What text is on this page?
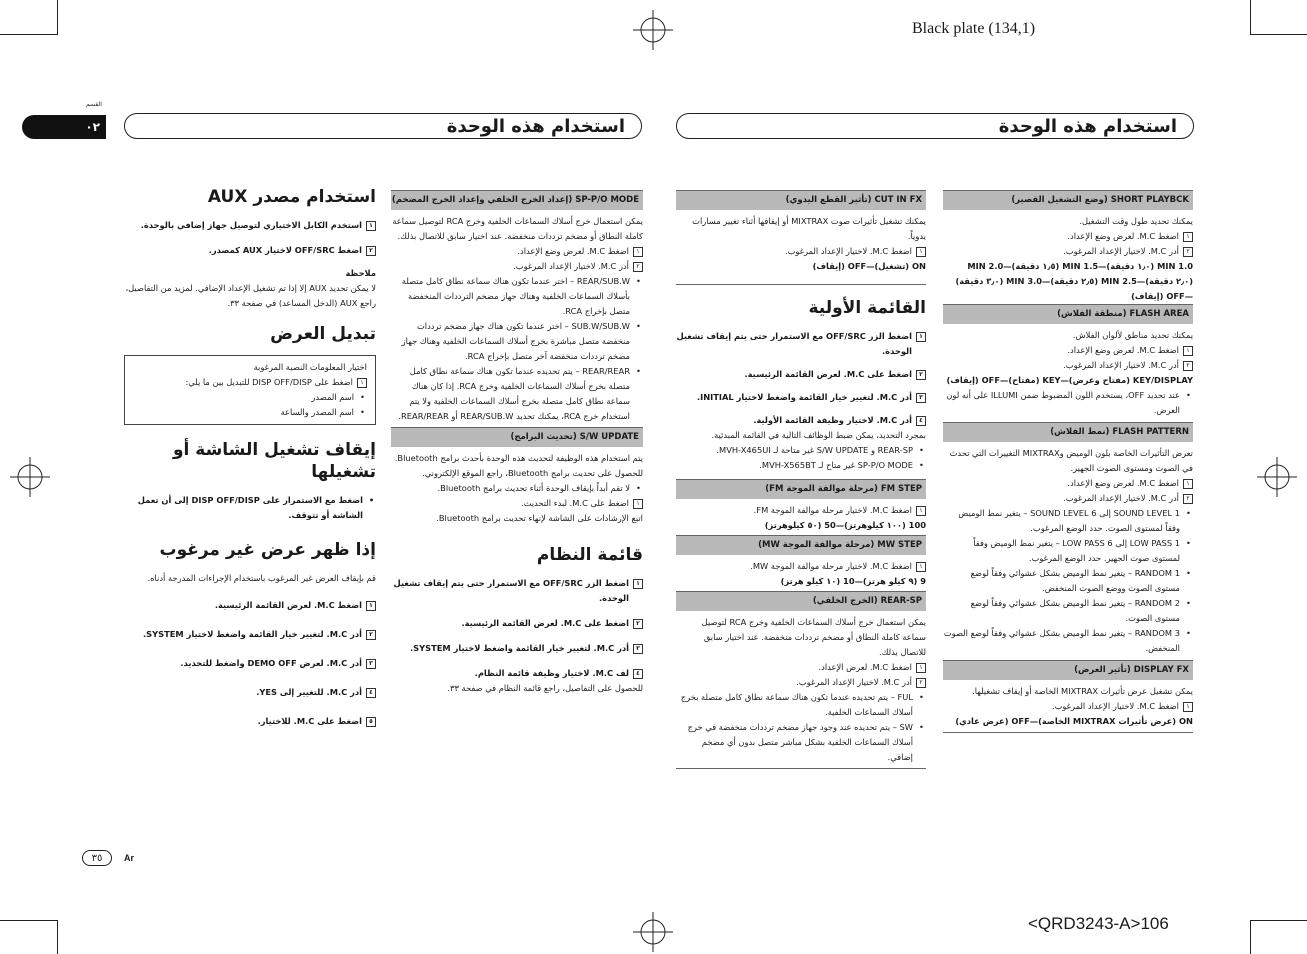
Black plate (134,1)
القسم
٠٢	استخدام هذه الوحدة	استخدام هذه الوحدة
استخدام مصدر AUX
١
استخدم الكابل الاختياري لتوصيل جهاز إضافي بالوحدة.
٢
اضغط OFF/SRC لاختيار AUX كمصدر.
ملاحظة
لا يمكن تحديد AUX إلا إذا تم تشغيل الإعداد الإضافي. لمزيد من التفاصيل، راجع AUX (الدخل المساعد) في صفحة ٣٣.
تبديل العرض
اختيار المعلومات النصية المرغوبة
١
اضغط على DISP OFF/DISP للتبديل بين ما يلي:
• اسم المصدر
• اسم المصدر والساعة
إيقاف تشغيل الشاشة أو تشغيلها
• اضغط مع الاستمرار على DISP OFF/DISP إلى أن تعمل الشاشة أو تتوقف.
إذا ظهر عرض غير مرغوب
قم بإيقاف العرض غير المرغوب باستخدام الإجراءات المدرجة أدناه.
١
اضغط M.C. لعرض القائمة الرئيسية.
٢
أدر M.C. لتغيير خيار القائمة واضغط لاختيار SYSTEM.
٣
أدر M.C. لعرض DEMO OFF واضغط للتحديد.
٤
أدر M.C. للتغيير إلى YES.
٥
اضغط على M.C. للاختيار.
SP-P/O MODE (إعداد الخرج الخلفي وإعداد الخرج المضخم)
يمكن استعمال خرج أسلاك السماعات الخلفية وخرج RCA لتوصيل سماعة كاملة النطاق أو مضخم ترددات منخفضة. عند اختيار سابق للاتصال بذلك.
١
اضغط M.C. لعرض وضع الإعداد.
٢
أدر M.C. لاختيار الإعداد المرغوب.
• REAR/SUB.W – اختر عندما تكون هناك سماعة نطاق كامل متصلة بأسلاك السماعات الخلفية وهناك جهاز مضخم الترددات المنخفضة متصل بإخراج RCA.
• SUB.W/SUB.W – اختر عندما تكون هناك جهاز مضخم ترددات منخفضة متصل مباشرة بخرج أسلاك السماعات الخلفية وهناك جهاز مضخم ترددات منخفضة آخر متصل بإخراج RCA.
• REAR/REAR – يتم تحديده عندما تكون هناك سماعة نطاق كامل متصلة بخرج أسلاك السماعات الخلفية وخرج RCA. إذا كان هناك سماعة نطاق كامل متصلة بخرج أسلاك السماعات الخلفية ولا يتم استخدام خرج RCA، يمكنك تحديد REAR/SUB.W أو REAR/REAR.
S/W UPDATE (تحديث البرامج)
يتم استخدام هذه الوظيفة لتحديث هذه الوحدة بأحدث برامج Bluetooth. للحصول على تحديث برامج Bluetooth، راجع الموقع الإلكتروني.
• لا تقم أبداً بإيقاف الوحدة أثناء تحديث برامج Bluetooth.
١
اضغط على M.C. لبدء التحديث.
اتبع الإرشادات على الشاشة لإنهاء تحديث برامج Bluetooth.
قائمة النظام
١
اضغط الزر OFF/SRC مع الاستمرار حتى يتم إيقاف تشغيل الوحدة.
٢
اضغط على M.C. لعرض القائمة الرئيسية.
٣
أدر M.C. لتغيير خيار القائمة واضغط لاختيار SYSTEM.
٤
لف M.C. لاختيار وظيفة قائمة النظام.
للحصول على التفاصيل، راجع قائمة النظام في صفحة ٣٣.
CUT IN FX (تأثير القطع اليدوي)
يمكنك تشغيل تأثيرات صوت MIXTRAX أو إيقافها أثناء تغيير مسارات يدوياً.
١
اضغط M.C. لاختيار الإعداد المرغوب.
ON (تشغيل)—OFF (إيقاف)
القائمة الأولية
١
اضغط الزر OFF/SRC مع الاستمرار حتى يتم إيقاف تشغيل الوحدة.
٢
اضغط على M.C. لعرض القائمة الرئيسية.
٣
أدر M.C. لتغيير خيار القائمة واضغط لاختيار INITIAL.
٤
أدر M.C. لاختيار وظيفة القائمة الأولية.
بمجرد التحديد، يمكن ضبط الوظائف التالية في القائمة المبدئية.
• REAR-SP و S/W UPDATE غير متاحة لـ MVH-X465UI.
• SP-P/O MODE غير متاح لـ MVH-X565BT.
FM STEP (مرحلة موالفة الموجة FM)
١
اضغط M.C. لاختيار مرحلة موالفة الموجة FM.
100 (١٠٠ كيلوهرتز)—50 (٥٠ كيلوهرتز)
MW STEP (مرحلة موالفة الموجة MW)
١
اضغط M.C. لاختيار مرحلة موالفة الموجة MW.
9 (٩ كيلو هرتز)—10 (١٠ كيلو هرتز)
REAR-SP (الخرج الخلفي)
يمكن استعمال خرج أسلاك السماعات الخلفية وخرج RCA لتوصيل سماعة كاملة النطاق أو مضخم ترددات منخفضة. عند اختيار سابق للاتصال بذلك.
١
اضغط M.C. لعرض الإعداد.
٢
أدر M.C. لاختيار الإعداد المرغوب.
• FUL – يتم تحديده عندما تكون هناك سماعة نطاق كامل متصلة بخرج أسلاك السماعات الخلفية.
• SW – يتم تحديده عند وجود جهاز مضخم ترددات منخفضة في خرج أسلاك السماعات الخلفية بشكل مباشر متصل بدون أي مضخم إضافي.
SHORT PLAYBCK (وضع التشغيل القصير)
يمكنك تحديد طول وقت التشغيل.
١
اضغط M.C. لعرض وضع الإعداد.
٢
أدر M.C. لاختيار الإعداد المرغوب.
1.0 MIN (١٫٠ دقيقة)—1.5 MIN (١٫٥ دقيقة)—2.0 MIN
(٢٫٠ دقيقة)—2.5 MIN (٢٫٥ دقيقة)—3.0 MIN (٣٫٠ دقيقة)
—OFF (إيقاف)
FLASH AREA (منطقة الفلاش)
يمكنك تحديد مناطق لألوان الفلاش.
١
اضغط M.C. لعرض وضع الإعداد.
٢
أدر M.C. لاختيار الإعداد المرغوب.
KEY/DISPLAY (مفتاح وعرض)—KEY (مفتاح)—OFF (إيقاف)
• عند تحديد OFF، يستخدم اللون المضبوط ضمن ILLUMI على أنه لون العرض.
FLASH PATTERN (نمط الفلاش)
تعرض التأثيرات الخاصة بلون الوميض وMIXTRAX التغييرات التي تحدث في الصوت ومستوى الصوت الجهير.
١
اضغط M.C. لعرض وضع الإعداد.
٢
أدر M.C. لاختيار الإعداد المرغوب.
• SOUND LEVEL 1 إلى SOUND LEVEL 6 – يتغير نمط الوميض وفقاً لمستوى الصوت. حدد الوضع المرغوب.
• LOW PASS 1 إلى LOW PASS 6 – يتغير نمط الوميض وفقاً لمستوى صوت الجهير. حدد الوضع المرغوب.
• RANDOM 1 – يتغير نمط الوميض بشكل عشوائي وفقاً لوضع مستوى الصوت ووضع الصوت المنخفض.
• RANDOM 2 – يتغير نمط الوميض بشكل عشوائي وفقاً لوضع مستوى الصوت.
• RANDOM 3 – يتغير نمط الوميض بشكل عشوائي وفقاً لوضع الصوت المنخفض.
DISPLAY FX (تأثير العرض)
يمكن تشغيل عرض تأثيرات MIXTRAX الخاصة أو إيقاف تشغيلها.
١
اضغط M.C. لاختيار الإعداد المرغوب.
ON (عرض تأثيرات MIXTRAX الخاصة)—OFF (عرض عادي)
٣٥	Ar
<QRD3243-A>106
